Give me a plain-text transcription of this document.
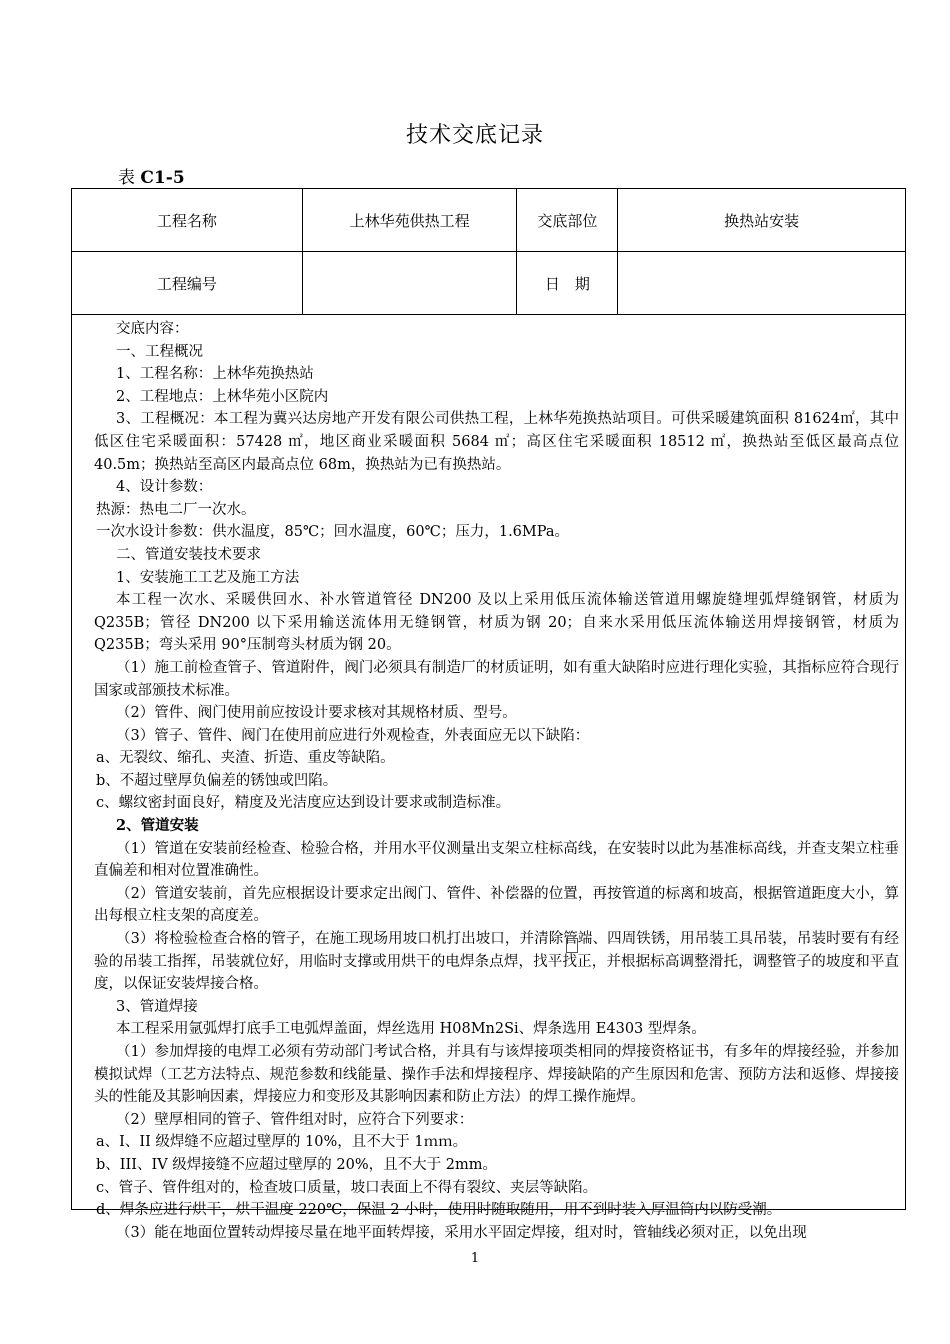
技术交底记录
表 C1-5
工程名称	上林华苑供热工程	交底部位	换热站安装
工程编号		日　期	

交底内容：

一、工程概况

1、工程名称：上林华苑换热站

2、工程地点：上林华苑小区院内

3、工程概况：本工程为冀兴达房地产开发有限公司供热工程，上林华苑换热站项目。可供采暖建筑面积 81624㎡，其中低区住宅采暖面积：57428 ㎡，地区商业采暖面积 5684 ㎡；高区住宅采暖面积 18512 ㎡，换热站至低区最高点位 40.5m；换热站至高区内最高点位 68m，换热站为已有换热站。

4、设计参数：

热源：热电二厂一次水。

一次水设计参数：供水温度，85℃；回水温度，60℃；压力，1.6MPa。

二、管道安装技术要求

1、安装施工工艺及施工方法

本工程一次水、采暖供回水、补水管道管径 DN200 及以上采用低压流体输送管道用螺旋缝埋弧焊缝钢管，材质为 Q235B；管径 DN200 以下采用输送流体用无缝钢管，材质为钢 20；自来水采用低压流体输送用焊接钢管，材质为 Q235B；弯头采用 90°压制弯头材质为钢 20。

（1）施工前检查管子、管道附件，阀门必须具有制造厂的材质证明，如有重大缺陷时应进行理化实验，其指标应符合现行国家或部颁技术标准。

（2）管件、阀门使用前应按设计要求核对其规格材质、型号。

（3）管子、管件、阀门在使用前应进行外观检查，外表面应无以下缺陷：

a、无裂纹、缩孔、夹渣、折造、重皮等缺陷。

b、不超过壁厚负偏差的锈蚀或凹陷。

c、螺纹密封面良好，精度及光洁度应达到设计要求或制造标准。

2、管道安装

（1）管道在安装前经检查、检验合格，并用水平仪测量出支架立柱标高线，在安装时以此为基准标高线，并查支架立柱垂直偏差和相对位置准确性。

（2）管道安装前，首先应根据设计要求定出阀门、管件、补偿器的位置，再按管道的标离和坡高，根据管道距度大小，算出每根立柱支架的高度差。

（3）将检验检查合格的管子，在施工现场用坡口机打出坡口，并清除管端、四周铁锈，用吊装工具吊装，吊装时要有有经验的吊装工指挥，吊装就位好，用临时支撑或用烘干的电焊条点焊，找平找正，并根据标高调整滑托，调整管子的坡度和平直度，以保证安装焊接合格。

3、管道焊接

本工程采用氩弧焊打底手工电弧焊盖面，焊丝选用 H08Mn2Si、焊条选用 E4303 型焊条。

（1）参加焊接的电焊工必须有劳动部门考试合格，并具有与该焊接项类相同的焊接资格证书，有多年的焊接经验，并参加模拟试焊（工艺方法特点、规范参数和线能量、操作手法和焊接程序、焊接缺陷的产生原因和危害、预防方法和返修、焊接接头的性能及其影响因素，焊接应力和变形及其影响因素和防止方法）的焊工操作施焊。

（2）壁厚相同的管子、管件组对时，应符合下列要求：

a、I、II 级焊缝不应超过壁厚的 10%，且不大于 1ｍｍ。

b、III、IV 级焊接缝不应超过壁厚的 20%，且不大于 2mm。

c、管子、管件组对的，检查坡口质量，坡口表面上不得有裂纹、夹层等缺陷。

d、焊条应进行烘干，烘干温度 220℃，保温 2 小时，使用时随取随用，用不到时装入厚温筒内以防受潮。

（3）能在地面位置转动焊接尽量在地平面转焊接，采用水平固定焊接，组对时，管轴线必须对正，以免出现

1
